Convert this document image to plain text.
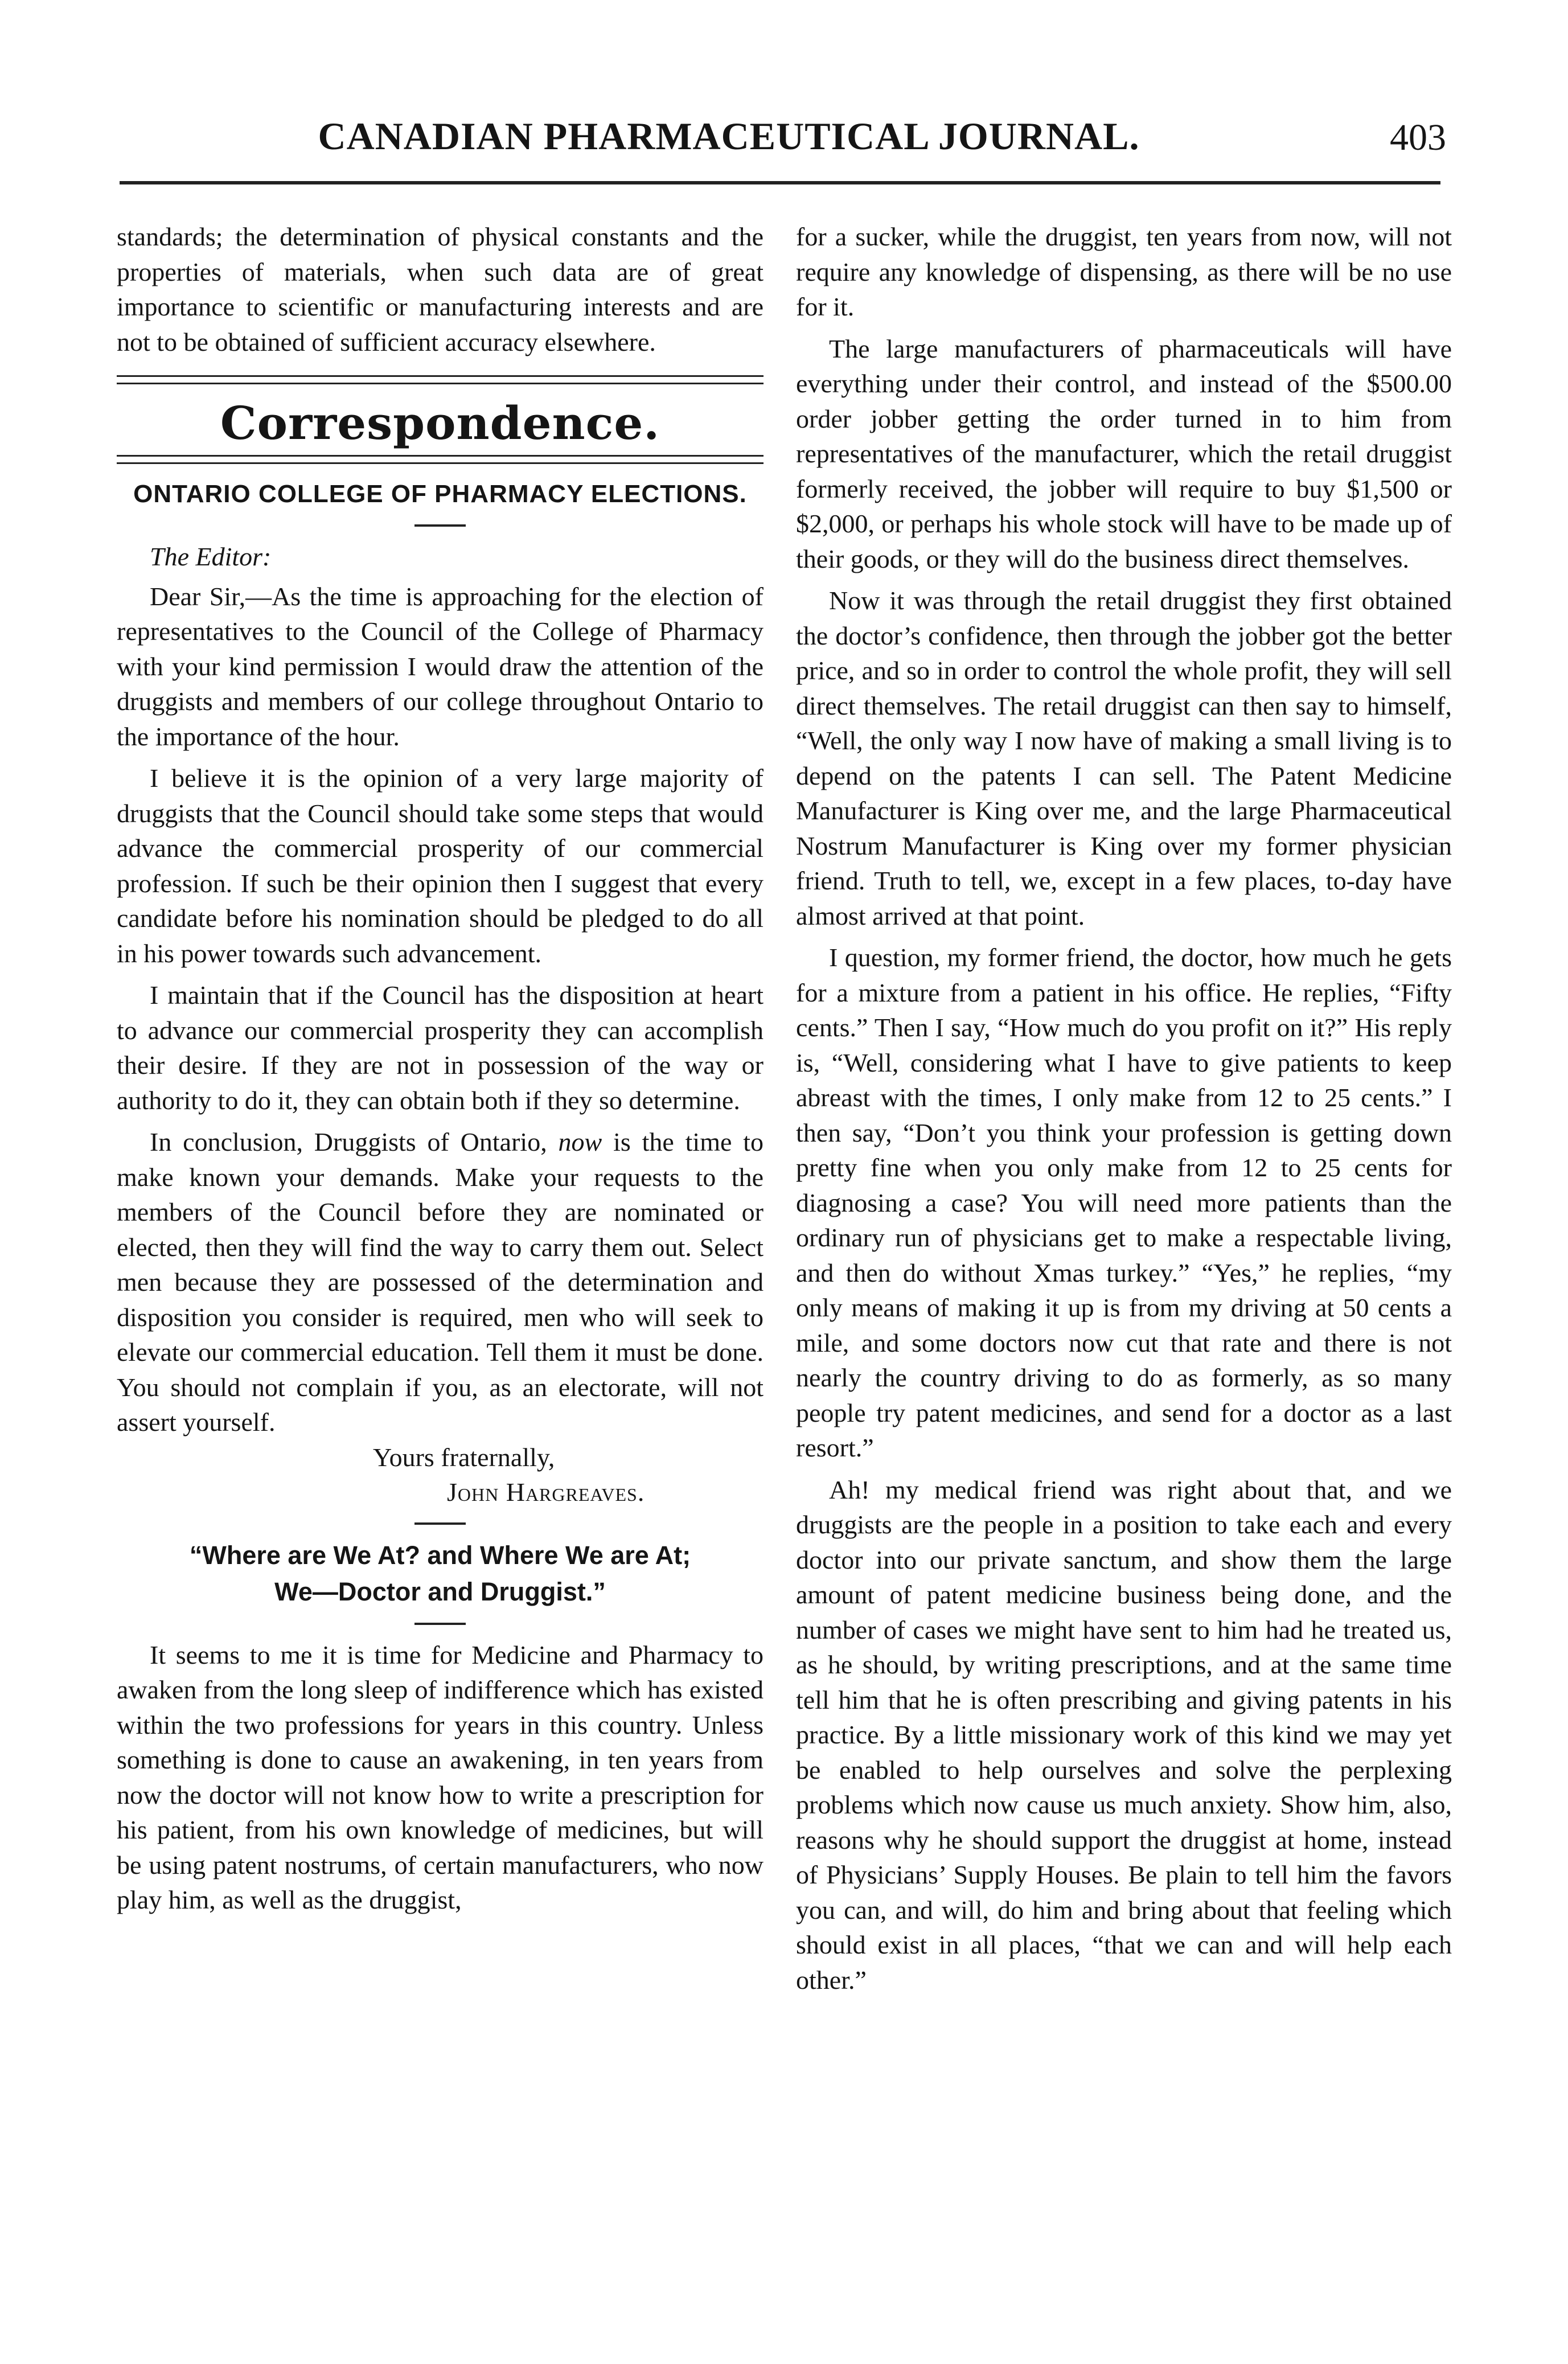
CANADIAN PHARMACEUTICAL JOURNAL.	403

standards; the determination of physical constants and the properties of materials, when such data are of great importance to scientific or manufacturing interests and are not to be obtained of sufficient accuracy elsewhere.

Correspondence.
ONTARIO COLLEGE OF PHARMACY ELECTIONS.

The Editor:

Dear Sir,—As the time is approaching for the election of representatives to the Council of the College of Pharmacy with your kind permission I would draw the attention of the druggists and members of our college throughout Ontario to the importance of the hour.

I believe it is the opinion of a very large majority of druggists that the Council should take some steps that would advance the commercial prosperity of our commercial profession. If such be their opinion then I suggest that every candidate before his nomination should be pledged to do all in his power towards such advancement.

I maintain that if the Council has the disposition at heart to advance our commercial prosperity they can accomplish their desire. If they are not in possession of the way or authority to do it, they can obtain both if they so determine.

In conclusion, Druggists of Ontario, now is the time to make known your demands. Make your requests to the members of the Council before they are nominated or elected, then they will find the way to carry them out. Select men because they are possessed of the determination and disposition you consider is required, men who will seek to elevate our commercial education. Tell them it must be done. You should not complain if you, as an electorate, will not assert yourself.

Yours fraternally,

John Hargreaves.

“Where are We At? and Where We are At;
We—Doctor and Druggist.”

It seems to me it is time for Medicine and Pharmacy to awaken from the long sleep of indifference which has existed within the two professions for years in this country. Unless something is done to cause an awakening, in ten years from now the doctor will not know how to write a prescription for his patient, from his own knowledge of medicines, but will be using patent nostrums, of certain manufacturers, who now play him, as well as the druggist,

for a sucker, while the druggist, ten years from now, will not require any knowledge of dispensing, as there will be no use for it.

The large manufacturers of pharmaceuticals will have everything under their control, and instead of the $500.00 order jobber getting the order turned in to him from representatives of the manufacturer, which the retail druggist formerly received, the jobber will require to buy $1,500 or $2,000, or perhaps his whole stock will have to be made up of their goods, or they will do the business direct themselves.

Now it was through the retail druggist they first obtained the doctor’s confidence, then through the jobber got the better price, and so in order to control the whole profit, they will sell direct themselves. The retail druggist can then say to himself, “Well, the only way I now have of making a small living is to depend on the patents I can sell. The Patent Medicine Manufacturer is King over me, and the large Pharmaceutical Nostrum Manufacturer is King over my former physician friend. Truth to tell, we, except in a few places, to-day have almost arrived at that point.

I question, my former friend, the doctor, how much he gets for a mixture from a patient in his office. He replies, “Fifty cents.” Then I say, “How much do you profit on it?” His reply is, “Well, considering what I have to give patients to keep abreast with the times, I only make from 12 to 25 cents.” I then say, “Don’t you think your profession is getting down pretty fine when you only make from 12 to 25 cents for diagnosing a case? You will need more patients than the ordinary run of physicians get to make a respectable living, and then do without Xmas turkey.” “Yes,” he replies, “my only means of making it up is from my driving at 50 cents a mile, and some doctors now cut that rate and there is not nearly the country driving to do as formerly, as so many people try patent medicines, and send for a doctor as a last resort.”

Ah! my medical friend was right about that, and we druggists are the people in a position to take each and every doctor into our private sanctum, and show them the large amount of patent medicine business being done, and the number of cases we might have sent to him had he treated us, as he should, by writing prescriptions, and at the same time tell him that he is often prescribing and giving patents in his practice. By a little missionary work of this kind we may yet be enabled to help ourselves and solve the perplexing problems which now cause us much anxiety. Show him, also, reasons why he should support the druggist at home, instead of Physicians’ Supply Houses. Be plain to tell him the favors you can, and will, do him and bring about that feeling which should exist in all places, “that we can and will help each other.”
